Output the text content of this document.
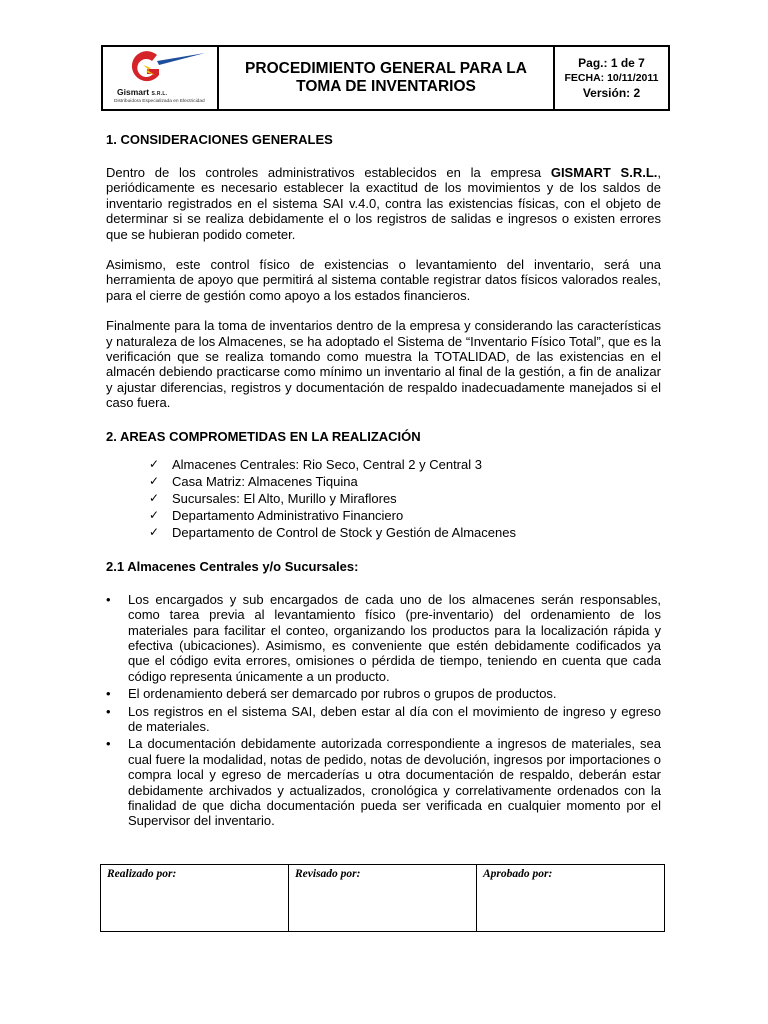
Gismart S.R.L.
Distribuidora Especializada en Electricidad
PROCEDIMIENTO GENERAL PARA LA
TOMA DE INVENTARIOS
Pag.: 1 de 7
FECHA: 10/11/2011
Versión: 2
1. CONSIDERACIONES GENERALES

Dentro de los controles administrativos establecidos en la empresa GISMART S.R.L., periódicamente es necesario establecer la exactitud de los movimientos y de los saldos de inventario registrados en el sistema SAI v.4.0, contra las existencias físicas, con el objeto de determinar si se realiza debidamente el o los registros de salidas e ingresos o existen errores que se hubieran podido cometer.

Asimismo, este control físico de existencias o levantamiento del inventario, será una herramienta de apoyo que permitirá al sistema contable registrar datos físicos valorados reales, para el cierre de gestión como apoyo a los estados financieros.

Finalmente para la toma de inventarios dentro de la empresa y considerando las características y naturaleza de los Almacenes, se ha adoptado el Sistema de “Inventario Físico Total”, que es la verificación que se realiza tomando como muestra la TOTALIDAD, de las existencias en el almacén debiendo practicarse como mínimo un inventario al final de la gestión, a fin de analizar y ajustar diferencias, registros y documentación de respaldo inadecuadamente manejados si el caso fuera.

2. AREAS COMPROMETIDAS EN LA REALIZACIÓN
✓ Almacenes Centrales: Rio Seco, Central 2 y Central 3
✓ Casa Matriz: Almacenes Tiquina
✓ Sucursales: El Alto, Murillo y Miraflores
✓ Departamento Administrativo Financiero
✓ Departamento de Control de Stock y Gestión de Almacenes
2.1 Almacenes Centrales y/o Sucursales:
• Los encargados y sub encargados de cada uno de los almacenes serán responsables, como tarea previa al levantamiento físico (pre-inventario) del ordenamiento de los materiales para facilitar el conteo, organizando los productos para la localización rápida y efectiva (ubicaciones). Asimismo, es conveniente que estén debidamente codificados ya que el código evita errores, omisiones o pérdida de tiempo, teniendo en cuenta que cada código representa únicamente a un producto.
• El ordenamiento deberá ser demarcado por rubros o grupos de productos.
• Los registros en el sistema SAI, deben estar al día con el movimiento de ingreso y egreso de materiales.
• La documentación debidamente autorizada correspondiente a ingresos de materiales, sea cual fuere la modalidad, notas de pedido, notas de devolución, ingresos por importaciones o compra local y egreso de mercaderías u otra documentación de respaldo, deberán estar debidamente archivados y actualizados, cronológica y correlativamente ordenados con la finalidad de que dicha documentación pueda ser verificada en cualquier momento por el Supervisor del inventario.
Realizado por:	Revisado por:	Aprobado por:
